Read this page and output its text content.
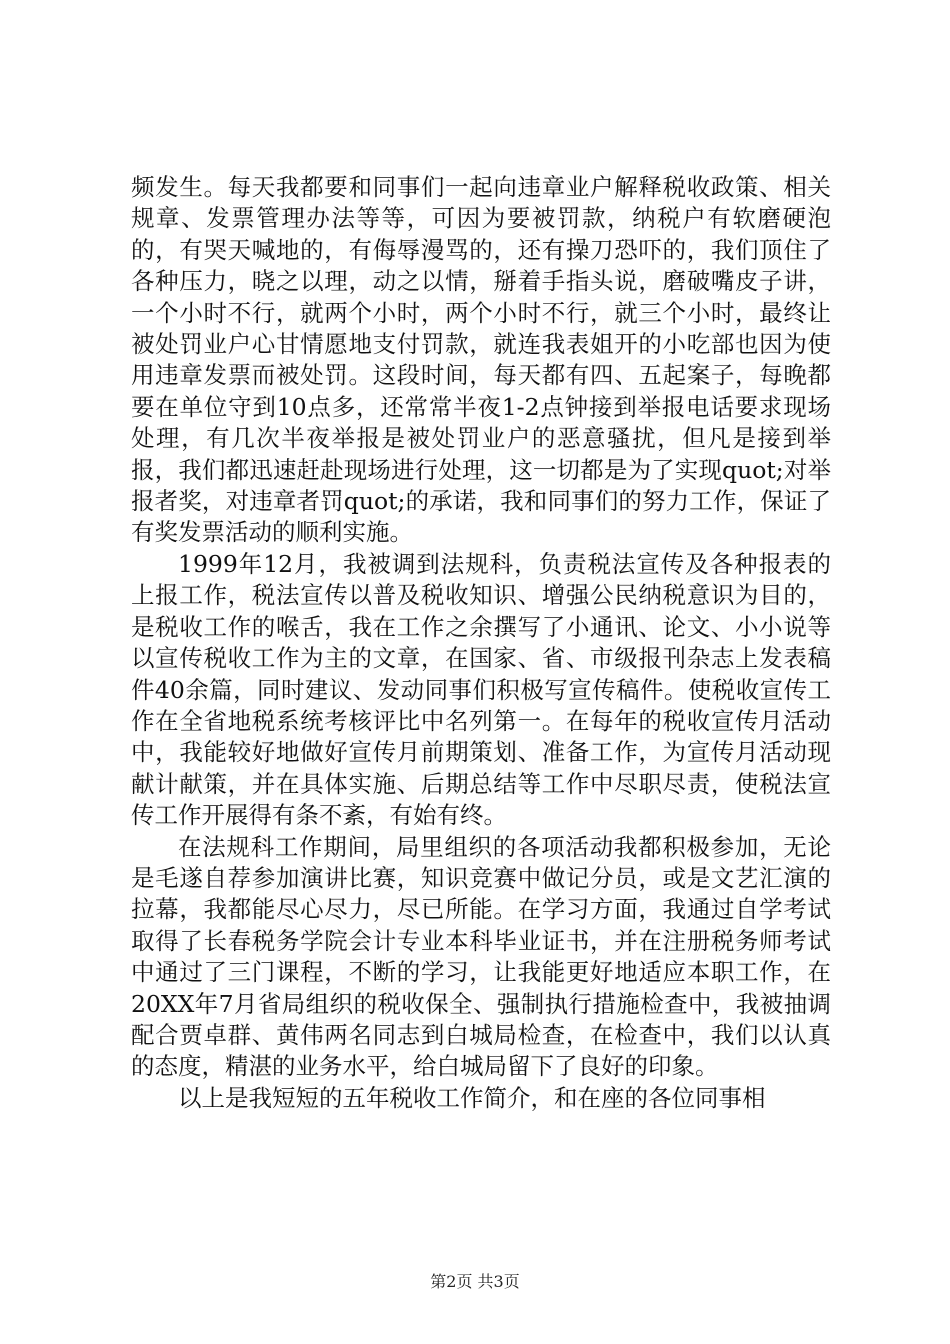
频发生。每天我都要和同事们一起向违章业户解释税收政策、相关规章、发票管理办法等等，可因为要被罚款，纳税户有软磨硬泡的，有哭天喊地的，有侮辱漫骂的，还有操刀恐吓的，我们顶住了各种压力，晓之以理，动之以情，掰着手指头说，磨破嘴皮子讲，一个小时不行，就两个小时，两个小时不行，就三个小时，最终让被处罚业户心甘情愿地支付罚款，就连我表姐开的小吃部也因为使用违章发票而被处罚。这段时间，每天都有四、五起案子，每晚都要在单位守到10点多，还常常半夜1-2点钟接到举报电话要求现场处理，有几次半夜举报是被处罚业户的恶意骚扰，但凡是接到举报，我们都迅速赶赴现场进行处理，这一切都是为了实现quot;对举报者奖，对违章者罚quot;的承诺，我和同事们的努力工作，保证了有奖发票活动的顺利实施。

1999年12月，我被调到法规科，负责税法宣传及各种报表的上报工作，税法宣传以普及税收知识、增强公民纳税意识为目的，是税收工作的喉舌，我在工作之余撰写了小通讯、论文、小小说等以宣传税收工作为主的文章，在国家、省、市级报刊杂志上发表稿件40余篇，同时建议、发动同事们积极写宣传稿件。使税收宣传工作在全省地税系统考核评比中名列第一。在每年的税收宣传月活动中，我能较好地做好宣传月前期策划、准备工作，为宣传月活动现献计献策，并在具体实施、后期总结等工作中尽职尽责，使税法宣传工作开展得有条不紊，有始有终。

在法规科工作期间，局里组织的各项活动我都积极参加，无论是毛遂自荐参加演讲比赛，知识竞赛中做记分员，或是文艺汇演的拉幕，我都能尽心尽力，尽已所能。在学习方面，我通过自学考试取得了长春税务学院会计专业本科毕业证书，并在注册税务师考试中通过了三门课程，不断的学习，让我能更好地适应本职工作，在20XX年7月省局组织的税收保全、强制执行措施检查中，我被抽调配合贾卓群、黄伟两名同志到白城局检查，在检查中，我们以认真的态度，精湛的业务水平，给白城局留下了良好的印象。

以上是我短短的五年税收工作简介，和在座的各位同事相

第2页 共3页
